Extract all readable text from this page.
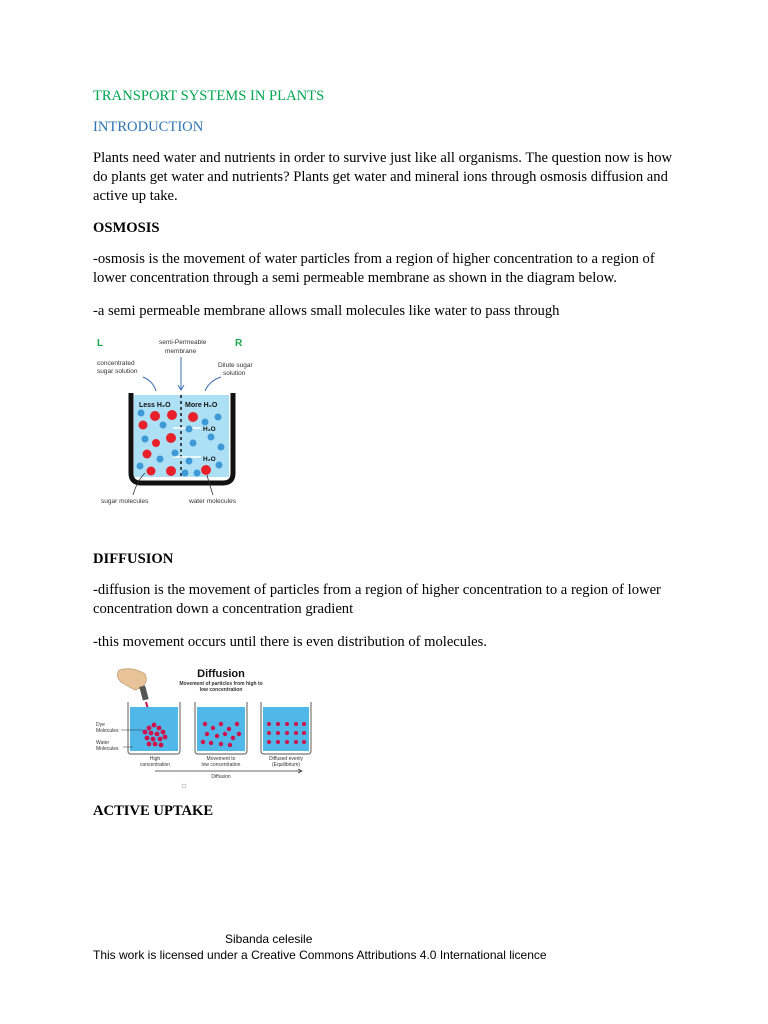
TRANSPORT SYSTEMS IN PLANTS

INTRODUCTION

Plants need water and nutrients in order to survive just like all organisms. The question now is how do plants get water and nutrients? Plants get water and mineral ions through osmosis diffusion and active up take.

OSMOSIS

-osmosis is the movement of water particles from a region of higher concentration to a region of lower concentration through a semi permeable membrane as shown in the diagram below.

-a semi permeable membrane allows small molecules like water to pass through

L	R
semi-Permeable
membrane
concentrated
sugar solution
Dilute sugar
solution
Less H₂O More H₂O
H₂O
H₂O
sugar molecules	water molecules

DIFFUSION

-diffusion is the movement of particles from a region of higher concentration to a region of lower concentration down a concentration gradient

-this movement occurs until there is even distribution of molecules.

Diffusion
Movement of particles from high to
low concentration
Dye
Molecules
Water
Molecules
High
concentration
Movement to
low concentration
Diffused evenly
(Equilibrium)
Diffusion

ACTIVE UPTAKE

Sibanda celesile
This work is licensed under a Creative Commons Attributions 4.0 International licence
